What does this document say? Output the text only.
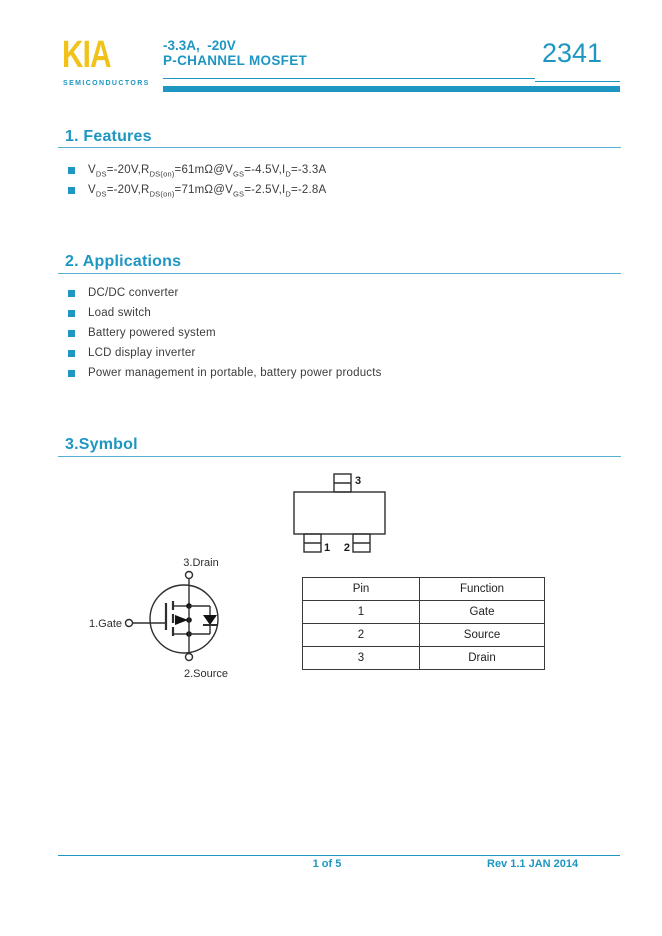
KIA
SEMICONDUCTORS
-3.3A,  -20V
P-CHANNEL MOSFET	2341
1. Features
$V_{DS}=-20V,R_{DS(on)}=61m\Omega@V_{GS}=-4.5V,I_D=-3.3A$
$V_{DS}=-20V,R_{DS(on)}=71m\Omega@V_{GS}=-2.5V,I_D=-2.8A$
2. Applications
DC/DC converter
Load switch
Battery powered system
LCD display inverter
Power management in portable, battery power products
3.Symbol
3
1 2
3.Drain
1.Gate
2.Source
Pin	Function
1	Gate
2	Source
3	Drain
1 of 5	Rev 1.1 JAN 2014
